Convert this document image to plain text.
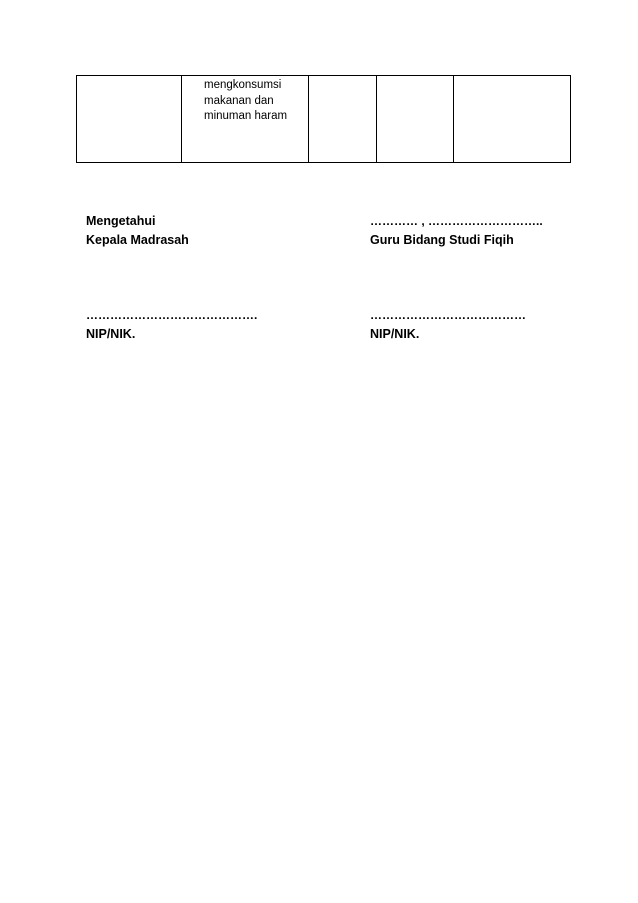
mengkonsumsi
makanan dan
minuman haram

Mengetahui
Kepala Madrasah
………… , ………………………..
Guru Bidang Studi Fiqih
…………………………………….
NIP/NIK.
…………………………………
NIP/NIK.
